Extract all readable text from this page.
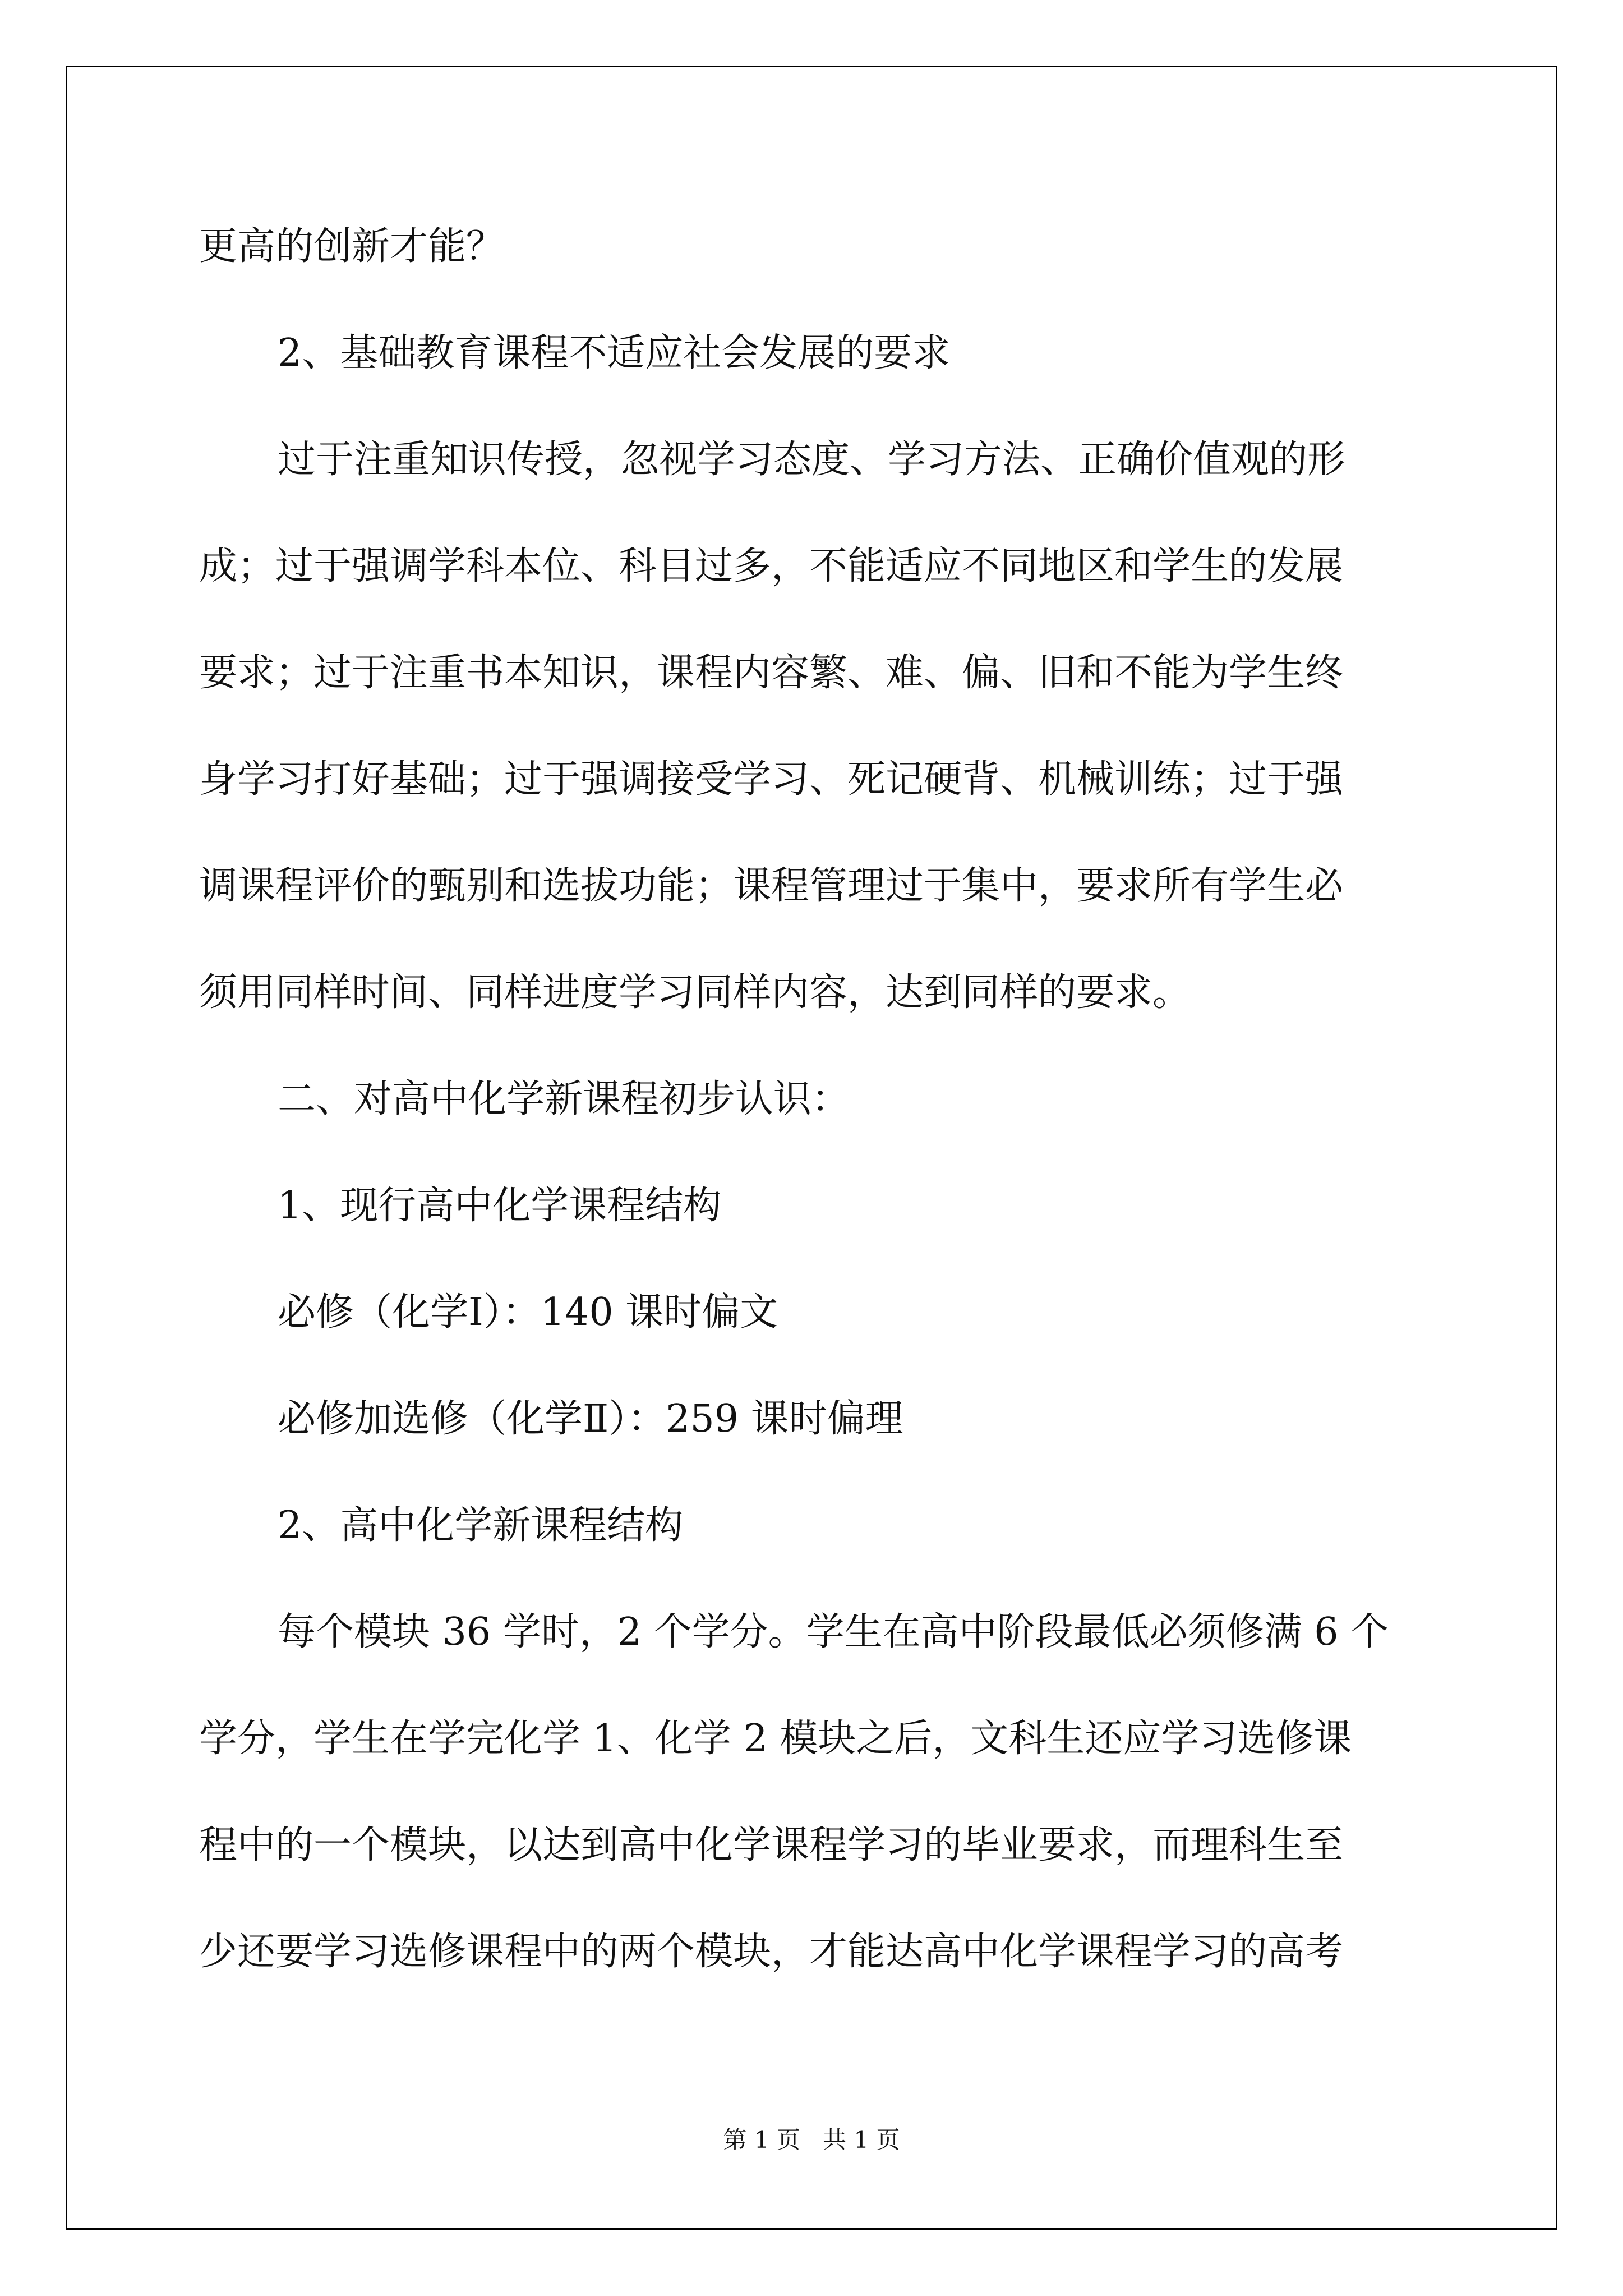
更高的创新才能？
2、基础教育课程不适应社会发展的要求
过于注重知识传授，忽视学习态度、学习方法、正确价值观的形
成；过于强调学科本位、科目过多，不能适应不同地区和学生的发展
要求；过于注重书本知识，课程内容繁、难、偏、旧和不能为学生终
身学习打好基础；过于强调接受学习、死记硬背、机械训练；过于强
调课程评价的甄别和选拔功能；课程管理过于集中，要求所有学生必
须用同样时间、同样进度学习同样内容，达到同样的要求。
二、对高中化学新课程初步认识：
1、现行高中化学课程结构
必修（化学Ⅰ）：140 课时偏文
必修加选修（化学Ⅱ）：259 课时偏理
2、高中化学新课程结构
每个模块 36 学时，2 个学分。学生在高中阶段最低必须修满 6 个
学分，学生在学完化学 1、化学 2 模块之后，文科生还应学习选修课
程中的一个模块，以达到高中化学课程学习的毕业要求，而理科生至
少还要学习选修课程中的两个模块，才能达高中化学课程学习的高考
第 1 页   共 1 页
